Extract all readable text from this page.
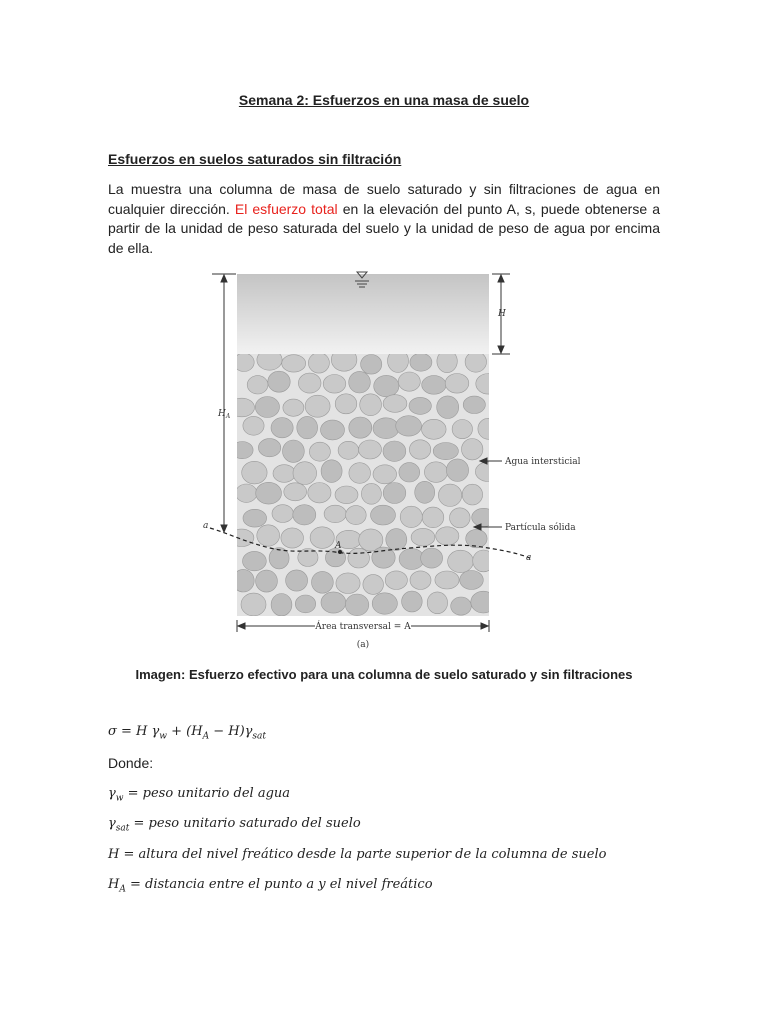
Semana 2: Esfuerzos en una masa de suelo
Esfuerzos en suelos saturados sin filtración
La muestra una columna de masa de suelo saturado y sin filtraciones de agua en cualquier dirección. El esfuerzo total en la elevación del punto A, s, puede obtenerse a partir de la unidad de peso saturada del suelo y la unidad de peso de agua por encima de ella.
H
$H_A$
Agua intersticial
Partícula sólida
a
a
A
Área transversal = A
(a)
Imagen: Esfuerzo efectivo para una columna de suelo saturado y sin filtraciones
σ = H $\gamma_w + (H_A - H)\gamma_{sat}$
Donde:
$\gamma_w$ = peso unitario del agua
$\gamma_{sat}$ = peso unitario saturado del suelo
H = altura del nivel freático desde la parte superior de la columna de suelo
$H_A$ = distancia entre el punto a y el nivel freático
